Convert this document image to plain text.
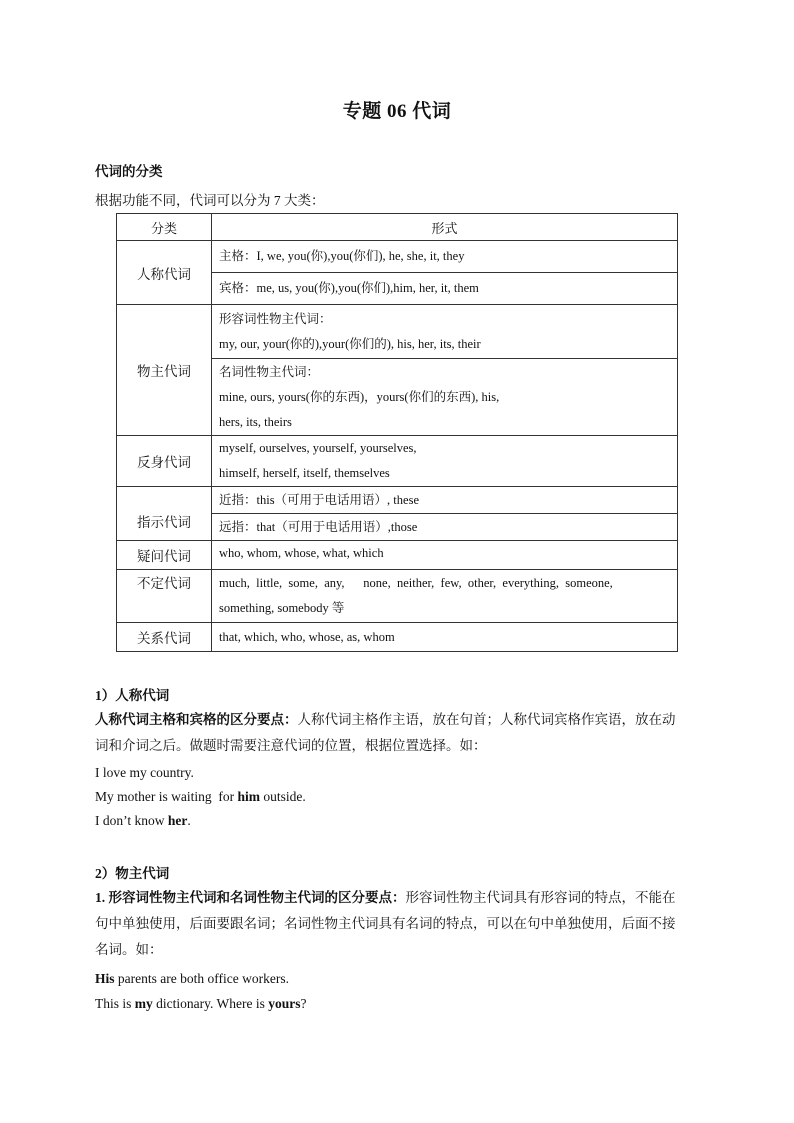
专题 06 代词
代词的分类
根据功能不同，代词可以分为 7 大类：
分类	形式
人称代词	主格：I, we, you(你),you(你们), he, she, it, they
	宾格：me, us, you(你),you(你们),him, her, it, them
物主代词	形容词性物主代词：
my, our, your(你的),your(你们的), his, her, its, their

	名词性物主代词：
mine, ours, yours(你的东西)，yours(你们的东西), his,
hers, its, theirs

反身代词	myself, ourselves, yourself, yourselves,
himself, herself, itself, themselves

指示代词	近指：this（可用于电话用语）, these
	远指：that（可用于电话用语）,those
疑问代词	who, whom, whose, what, which
不定代词	much,  little,  some,  any,      none,  neither,  few,  other,  everything,  someone,
something, somebody 等

关系代词	that, which, who, whose, as, whom
1）人称代词
人称代词主格和宾格的区分要点：人称代词主格作主语，放在句首；人称代词宾格作宾语，放在动
词和介词之后。做题时需要注意代词的位置，根据位置选择。如：
I love my country.
My mother is waiting  for him outside.
I don’t know her.
2）物主代词
1. 形容词性物主代词和名词性物主代词的区分要点：形容词性物主代词具有形容词的特点，不能在
句中单独使用，后面要跟名词；名词性物主代词具有名词的特点，可以在句中单独使用，后面不接
名词。如：
His parents are both office workers.
This is my dictionary. Where is yours?
